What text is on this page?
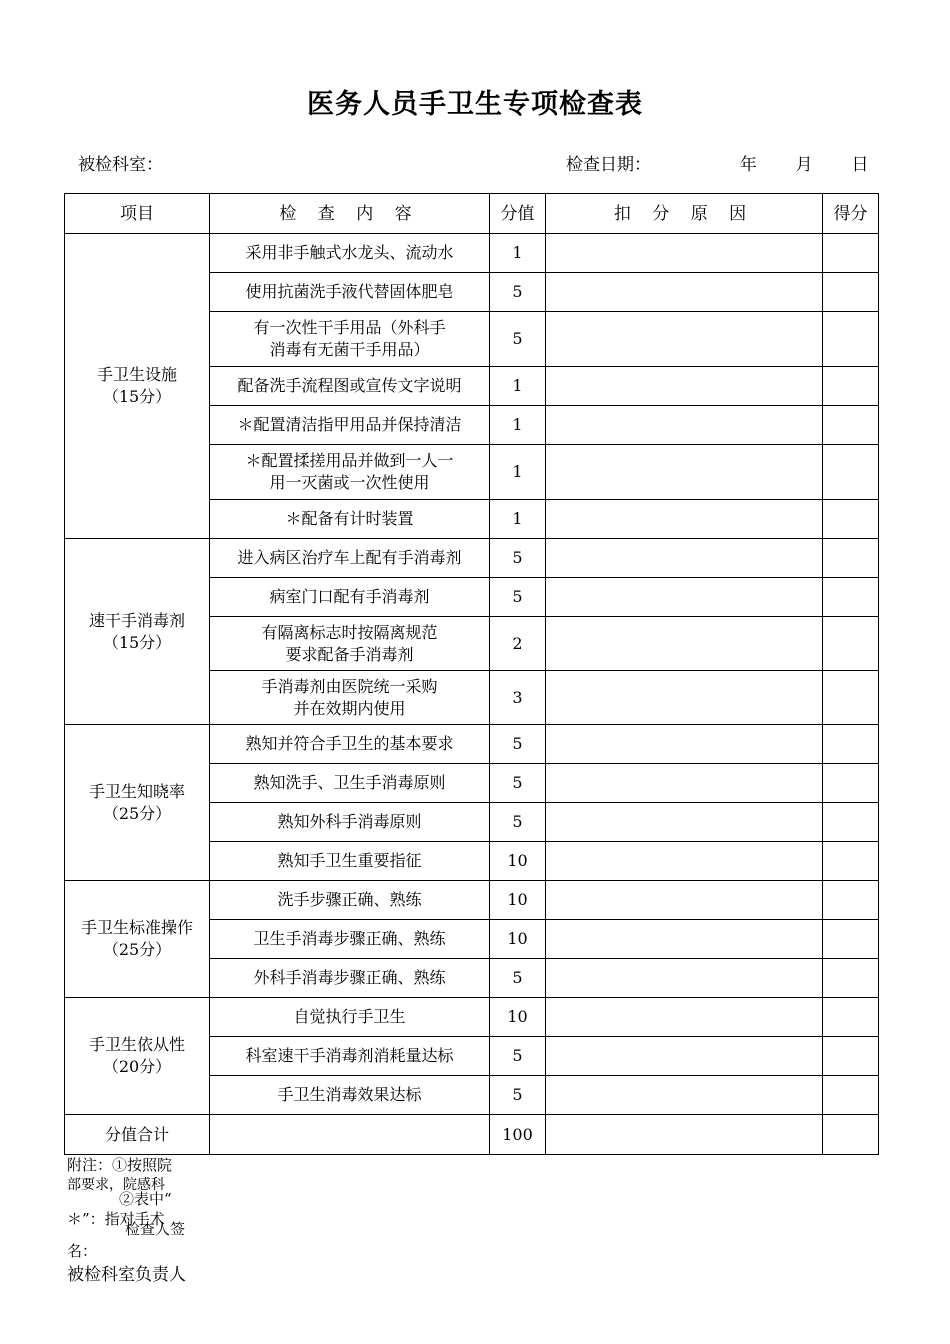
医务人员手卫生专项检查表
被检科室：	检查日期：	年 月 日
项目	检 查 内 容	分值	扣 分 原 因	得分

手卫生设施
（15分）	采用非手触式水龙头、流动水	1		

	使用抗菌洗手液代替固体肥皂	5		

	有一次性干手用品（外科手
消毒有无菌干手用品）	5		

	配备洗手流程图或宣传文字说明	1		

	＊配置清洁指甲用品并保持清洁	1		

	＊配置揉搓用品并做到一人一
用一灭菌或一次性使用	1		

	＊配备有计时装置	1		

速干手消毒剂
（15分）	进入病区治疗车上配有手消毒剂	5		

	病室门口配有手消毒剂	5		

	有隔离标志时按隔离规范
要求配备手消毒剂	2		

	手消毒剂由医院统一采购
并在效期内使用	3		

手卫生知晓率
（25分）	熟知并符合手卫生的基本要求	5		

	熟知洗手、卫生手消毒原则	5		

	熟知外科手消毒原则	5		

	熟知手卫生重要指征	10		

手卫生标准操作
（25分）	洗手步骤正确、熟练	10		

	卫生手消毒步骤正确、熟练	10		

	外科手消毒步骤正确、熟练	5		

手卫生依从性
（20分）	自觉执行手卫生	10		

	科室速干手消毒剂消耗量达标	5		

	手卫生消毒效果达标	5		
分值合计		100		
附注：①按照院
部要求，院感科
②表中“
＊”：指对手术
检查人签
名：
被检科室负责人
